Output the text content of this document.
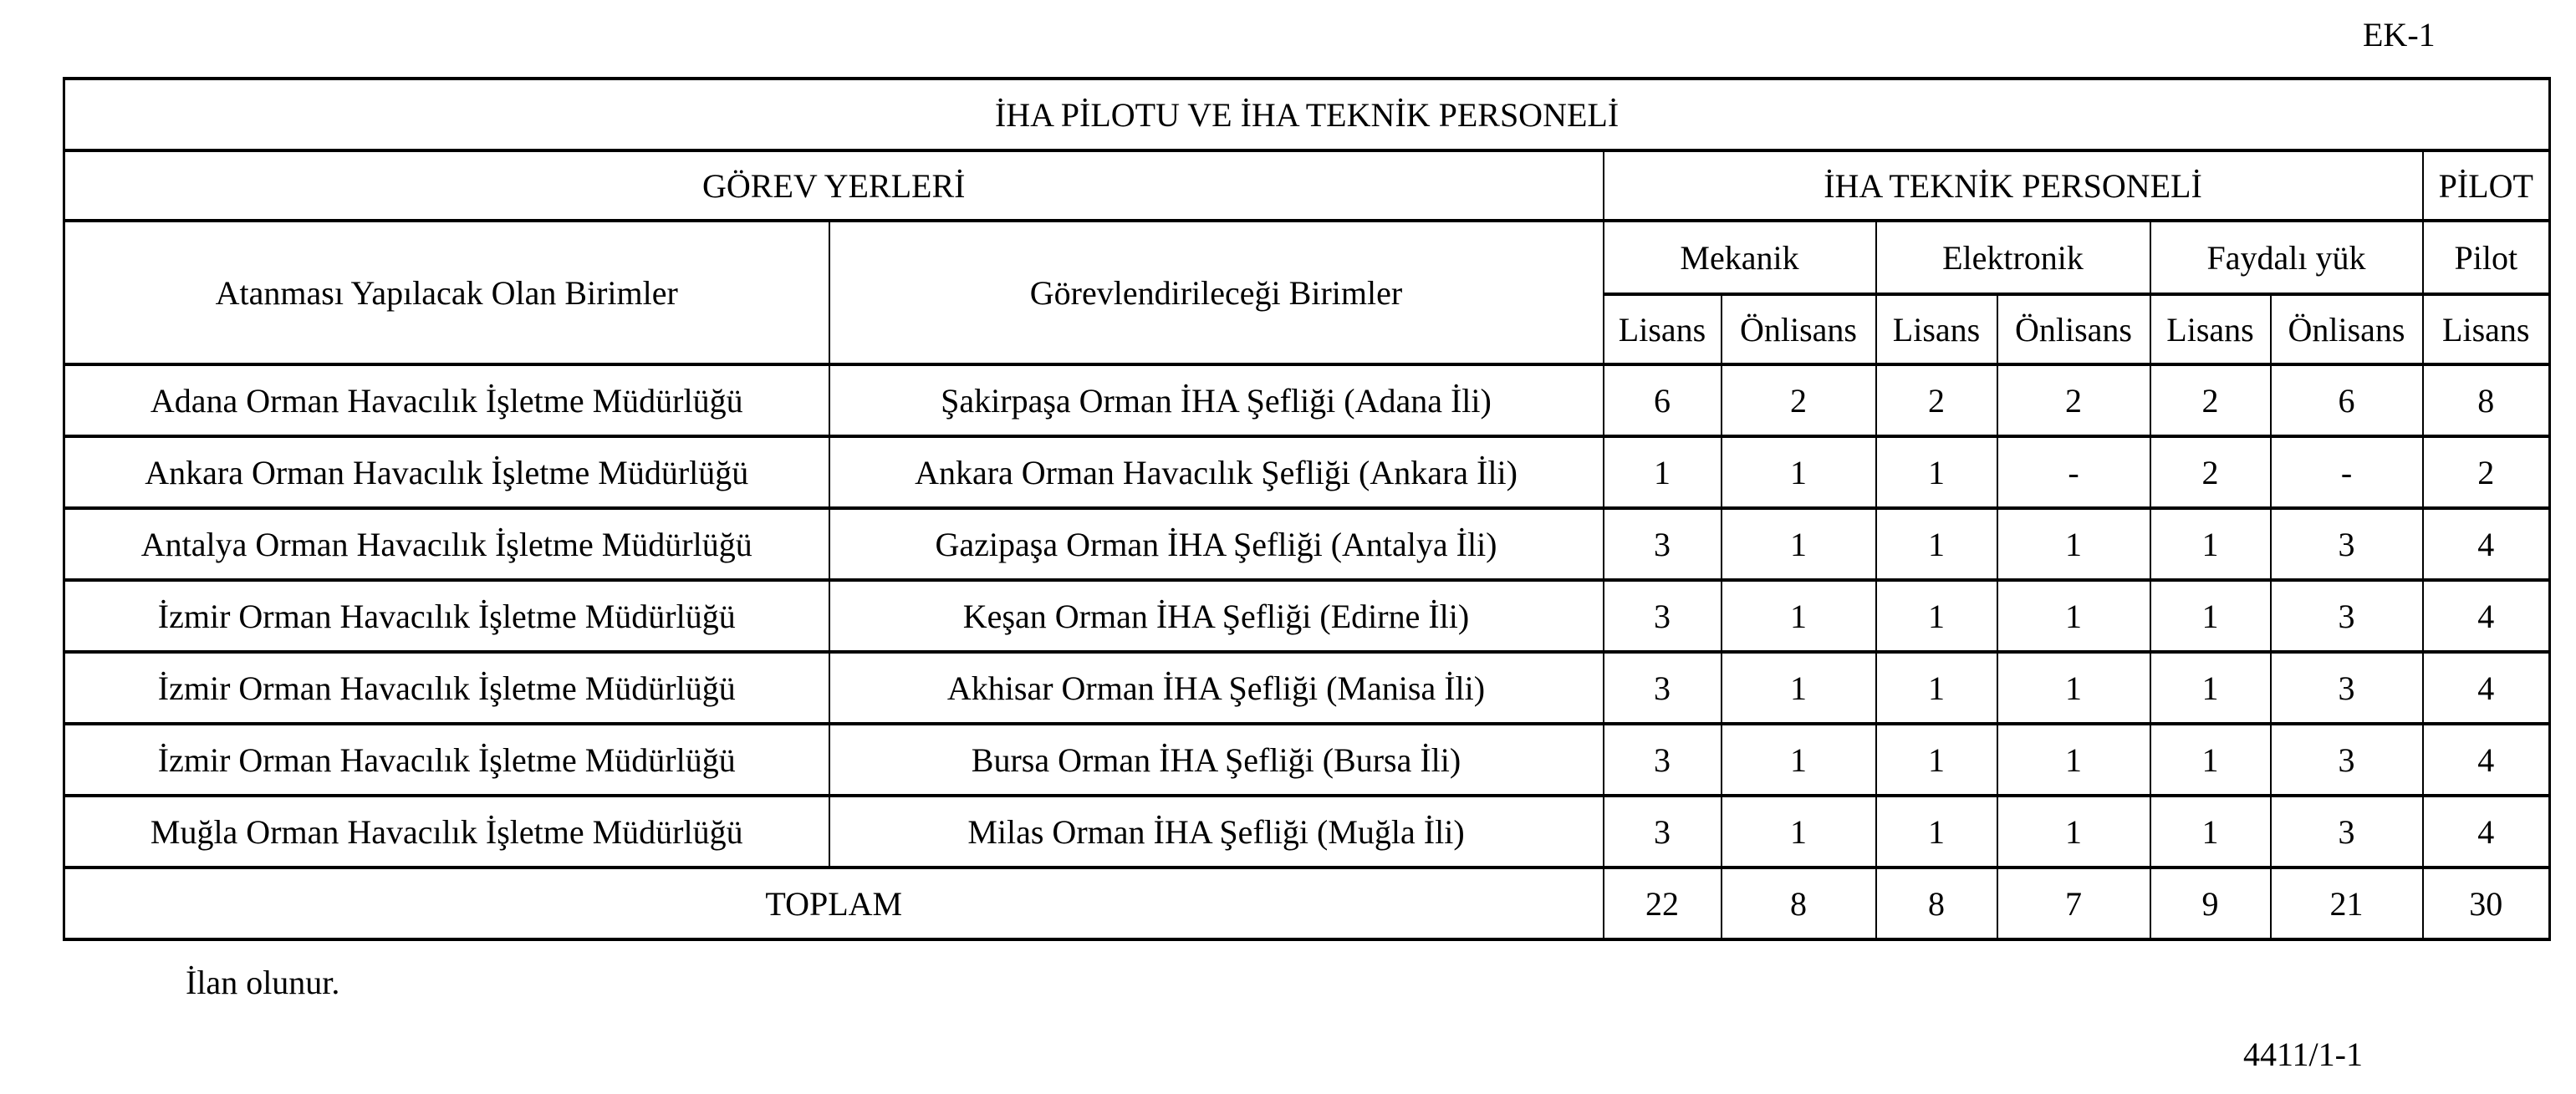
EK-1
İHA PİLOTU VE İHA TEKNİK PERSONELİ								
GÖREV YERLERİ		İHA TEKNİK PERSONELİ						PİLOT
Atanması Yapılacak Olan Birimler	Görevlendirileceği Birimler	Mekanik		Elektronik		Faydalı yük		Pilot
		Lisans	Önlisans	Lisans	Önlisans	Lisans	Önlisans	Lisans
Adana Orman Havacılık İşletme Müdürlüğü	Şakirpaşa Orman İHA Şefliği (Adana İli)	6	2	2	2	2	6	8
Ankara Orman Havacılık İşletme Müdürlüğü	Ankara Orman Havacılık Şefliği (Ankara İli)	1	1	1	-	2	-	2
Antalya Orman Havacılık İşletme Müdürlüğü	Gazipaşa Orman İHA Şefliği (Antalya İli)	3	1	1	1	1	3	4
İzmir Orman Havacılık İşletme Müdürlüğü	Keşan Orman İHA Şefliği (Edirne İli)	3	1	1	1	1	3	4
İzmir Orman Havacılık İşletme Müdürlüğü	Akhisar Orman İHA Şefliği (Manisa İli)	3	1	1	1	1	3	4
İzmir Orman Havacılık İşletme Müdürlüğü	Bursa Orman İHA Şefliği (Bursa İli)	3	1	1	1	1	3	4
Muğla Orman Havacılık İşletme Müdürlüğü	Milas Orman İHA Şefliği (Muğla İli)	3	1	1	1	1	3	4
TOPLAM		22	8	8	7	9	21	30
İlan olunur.
4411/1-1
